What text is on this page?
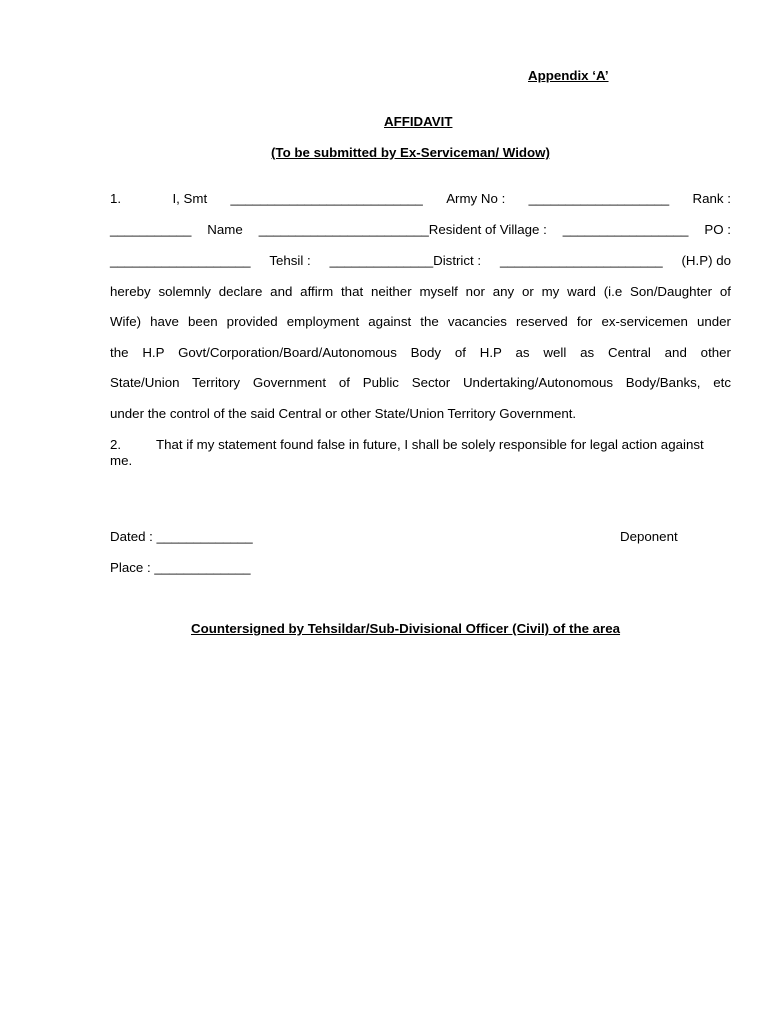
Appendix ‘A’
AFFIDAVIT
(To be submitted by Ex-Serviceman/ Widow)
1.	I, Smt __________________________ Army No : ___________________ Rank :
___________ Name _______________________ Resident of Village : _________________ PO :
___________________ Tehsil : ______________ District : ______________________ (H.P) do
hereby solemnly declare and affirm that neither myself nor any or my ward (i.e Son/Daughter of
Wife) have been provided employment against the vacancies reserved for ex-servicemen under
the H.P Govt/Corporation/Board/Autonomous Body of H.P as well as Central and other
State/Union Territory Government of Public Sector Undertaking/Autonomous Body/Banks, etc
under the control of the said Central or other State/Union Territory Government.
2.	That if my statement found false in future, I shall be solely responsible for legal action against me.
Dated : _____________	Deponent
Place : _____________
Countersigned by Tehsildar/Sub-Divisional Officer (Civil) of the area
